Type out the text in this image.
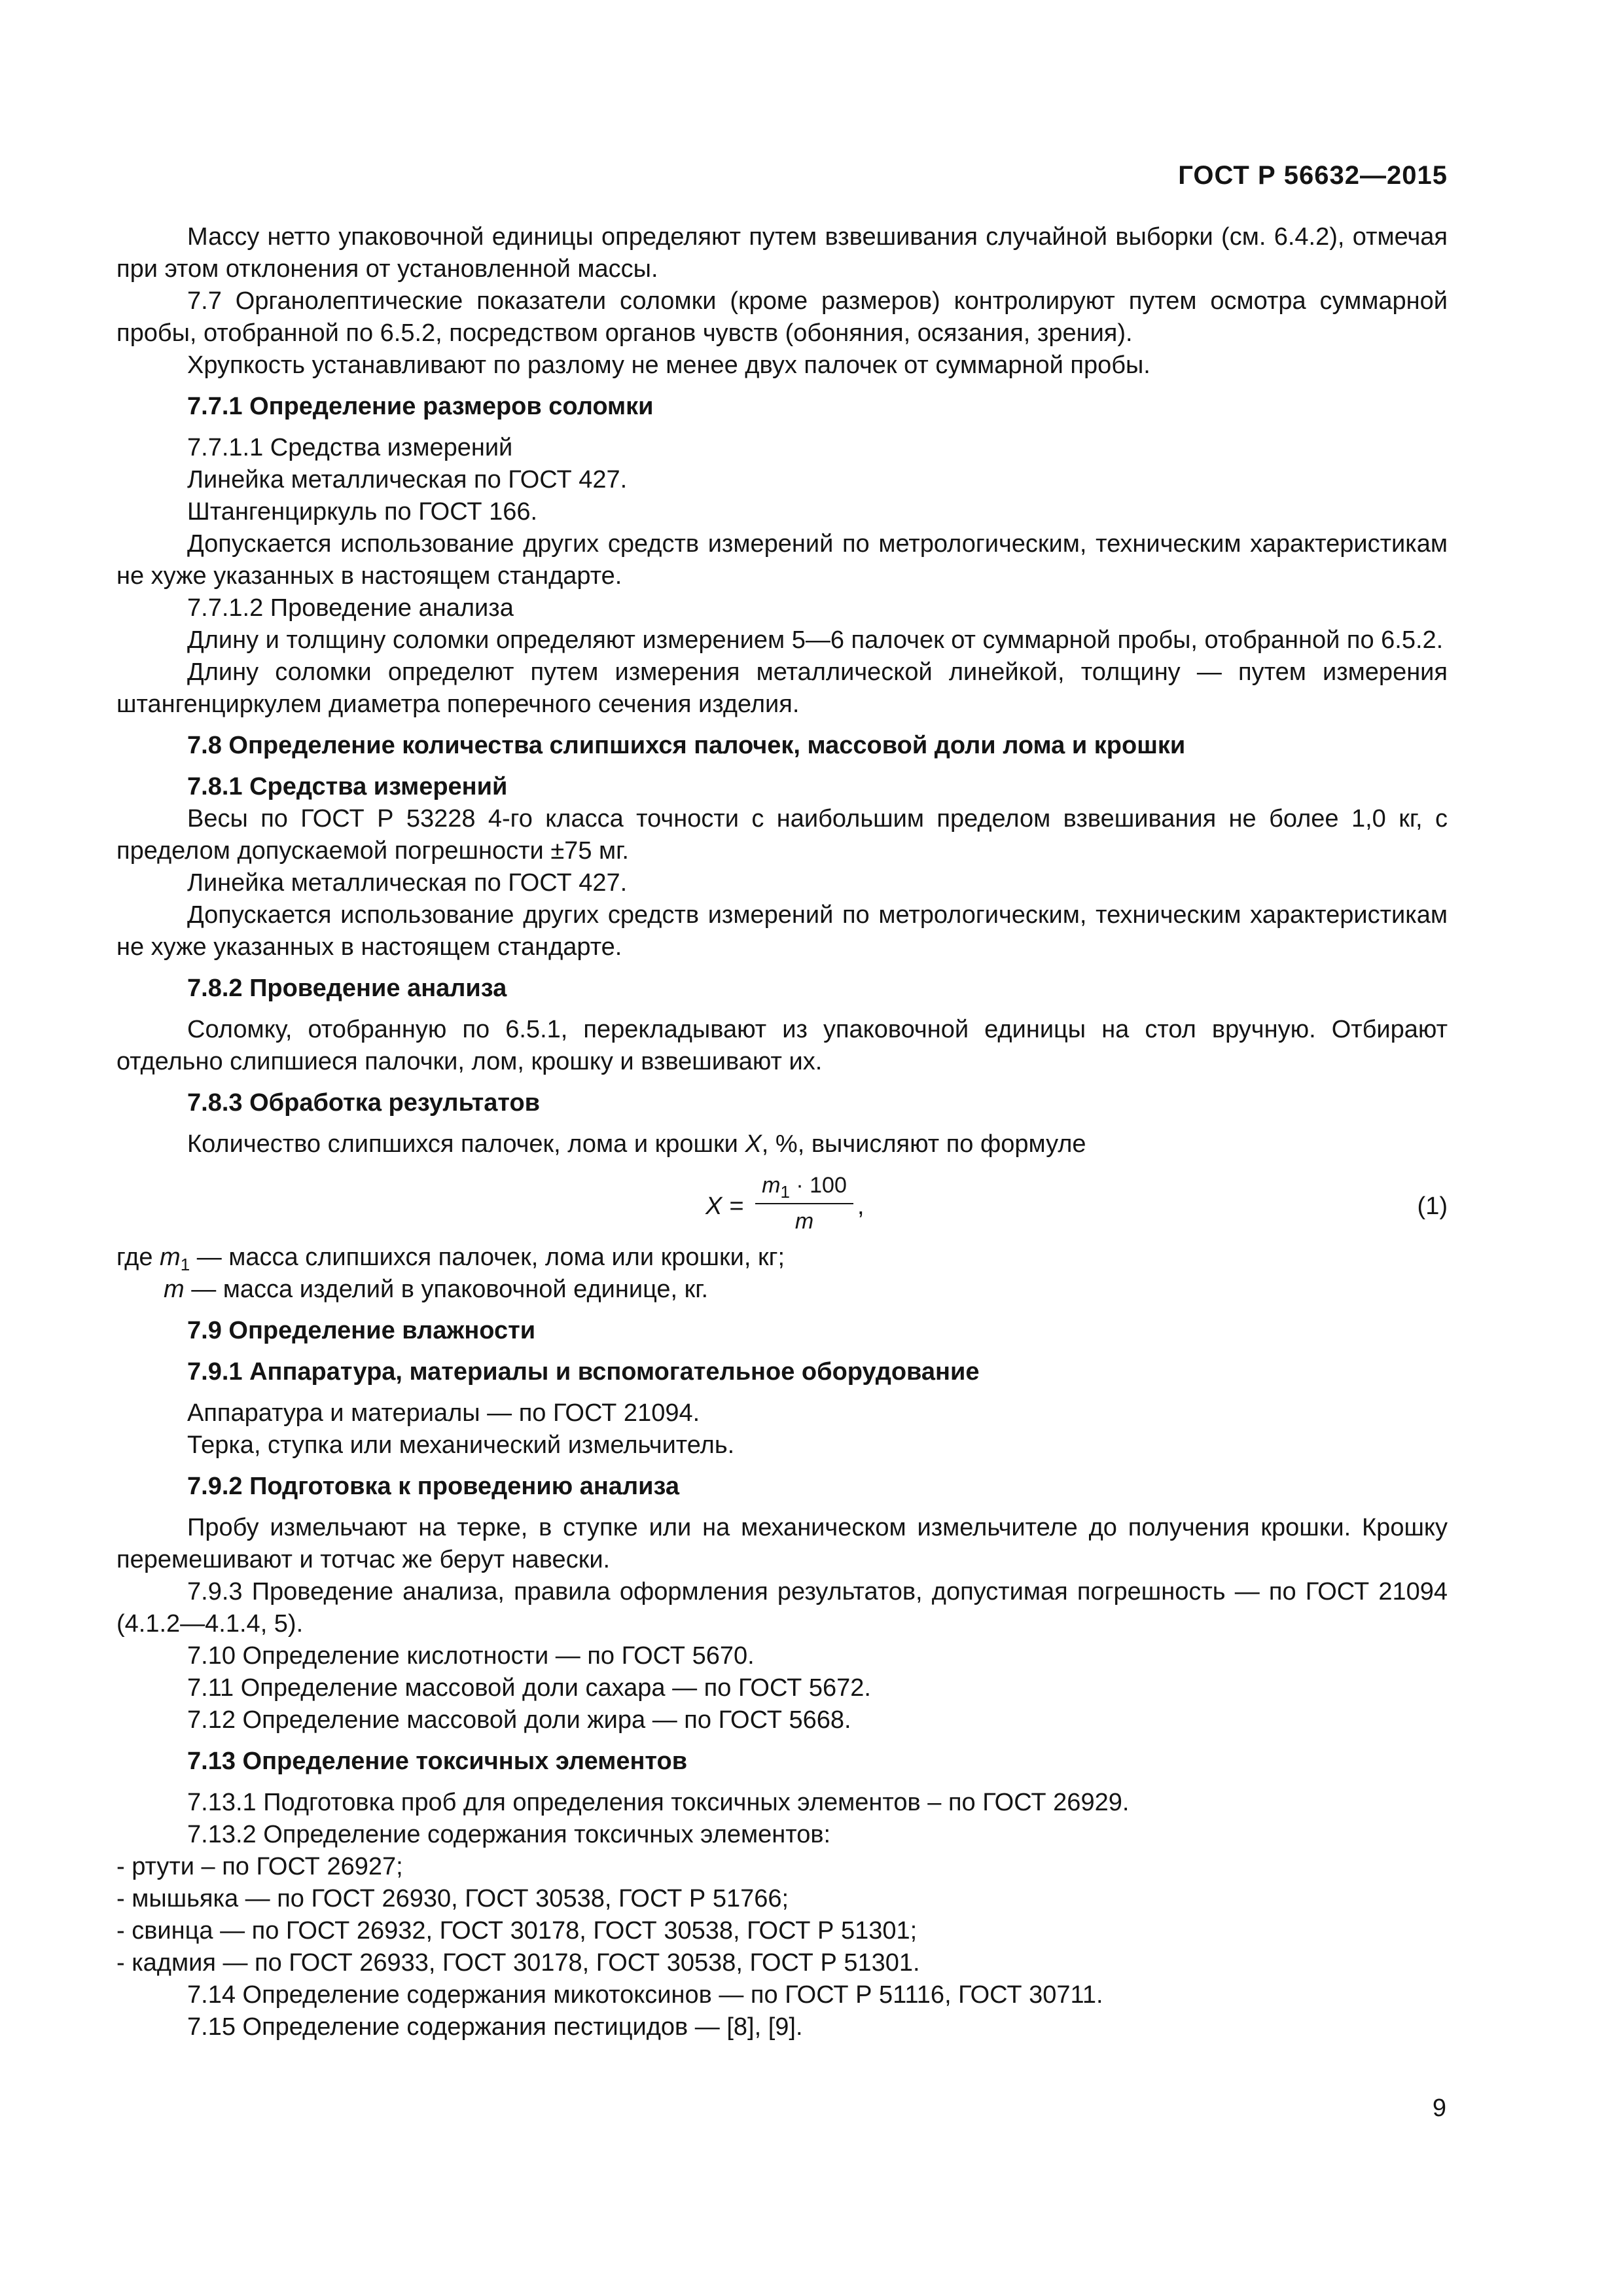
ГОСТ Р 56632—2015

Массу нетто упаковочной единицы определяют путем взвешивания случайной выборки (см. 6.4.2), отмечая при этом отклонения от установленной массы.

7.7 Органолептические показатели соломки (кроме размеров) контролируют путем осмотра суммарной пробы, отобранной по 6.5.2, посредством органов чувств (обоняния, осязания, зрения).

Хрупкость устанавливают по разлому не менее двух палочек от суммарной пробы.

7.7.1 Определение размеров соломки

7.7.1.1 Средства измерений

Линейка металлическая по ГОСТ 427.

Штангенциркуль по ГОСТ 166.

Допускается использование других средств измерений по метрологическим, техническим характеристикам не хуже указанных в настоящем стандарте.

7.7.1.2 Проведение анализа

Длину и толщину соломки определяют измерением 5—6 палочек от суммарной пробы, отобранной по 6.5.2.

Длину соломки определют путем измерения металлической линейкой, толщину — путем измерения штангенциркулем диаметра поперечного сечения изделия.

7.8 Определение количества слипшихся палочек, массовой доли лома и крошки

7.8.1 Средства измерений

Весы по ГОСТ Р 53228 4-го класса точности с наибольшим пределом взвешивания не более 1,0 кг, с пределом допускаемой погрешности ±75 мг.

Линейка металлическая по ГОСТ 427.

Допускается использование других средств измерений по метрологическим, техническим характеристикам не хуже указанных в настоящем стандарте.

7.8.2 Проведение анализа

Соломку, отобранную по 6.5.1, перекладывают из упаковочной единицы на стол вручную. Отбирают отдельно слипшиеся палочки, лом, крошку и взвешивают их.

7.8.3 Обработка результатов

Количество слипшихся палочек, лома и крошки X, %, вычисляют по формуле

$X = \frac{m_1 \cdot 100}{m}$ ,	(1)

где $m_1$ — масса слипшихся палочек, лома или крошки, кг;

m — масса изделий в упаковочной единице, кг.

7.9 Определение влажности

7.9.1 Аппаратура, материалы и вспомогательное оборудование

Аппаратура и материалы — по ГОСТ 21094.

Терка, ступка или механический измельчитель.

7.9.2 Подготовка к проведению анализа

Пробу измельчают на терке, в ступке или на механическом измельчителе до получения крошки. Крошку перемешивают и тотчас же берут навески.

7.9.3 Проведение анализа, правила оформления результатов, допустимая погрешность — по ГОСТ 21094 (4.1.2—4.1.4, 5).

7.10 Определение кислотности — по ГОСТ 5670.

7.11 Определение массовой доли сахара — по ГОСТ 5672.

7.12 Определение массовой доли жира — по ГОСТ 5668.

7.13 Определение токсичных элементов

7.13.1 Подготовка проб для определения токсичных элементов – по ГОСТ 26929.

7.13.2 Определение содержания токсичных элементов:

- ртути – по ГОСТ 26927;

- мышьяка — по ГОСТ 26930, ГОСТ 30538, ГОСТ Р 51766;

- свинца — по ГОСТ 26932, ГОСТ 30178, ГОСТ 30538, ГОСТ Р 51301;

- кадмия — по ГОСТ 26933, ГОСТ 30178, ГОСТ 30538, ГОСТ Р 51301.

7.14 Определение содержания микотоксинов — по ГОСТ Р 51116, ГОСТ 30711.

7.15 Определение содержания пестицидов — [8], [9].

9
